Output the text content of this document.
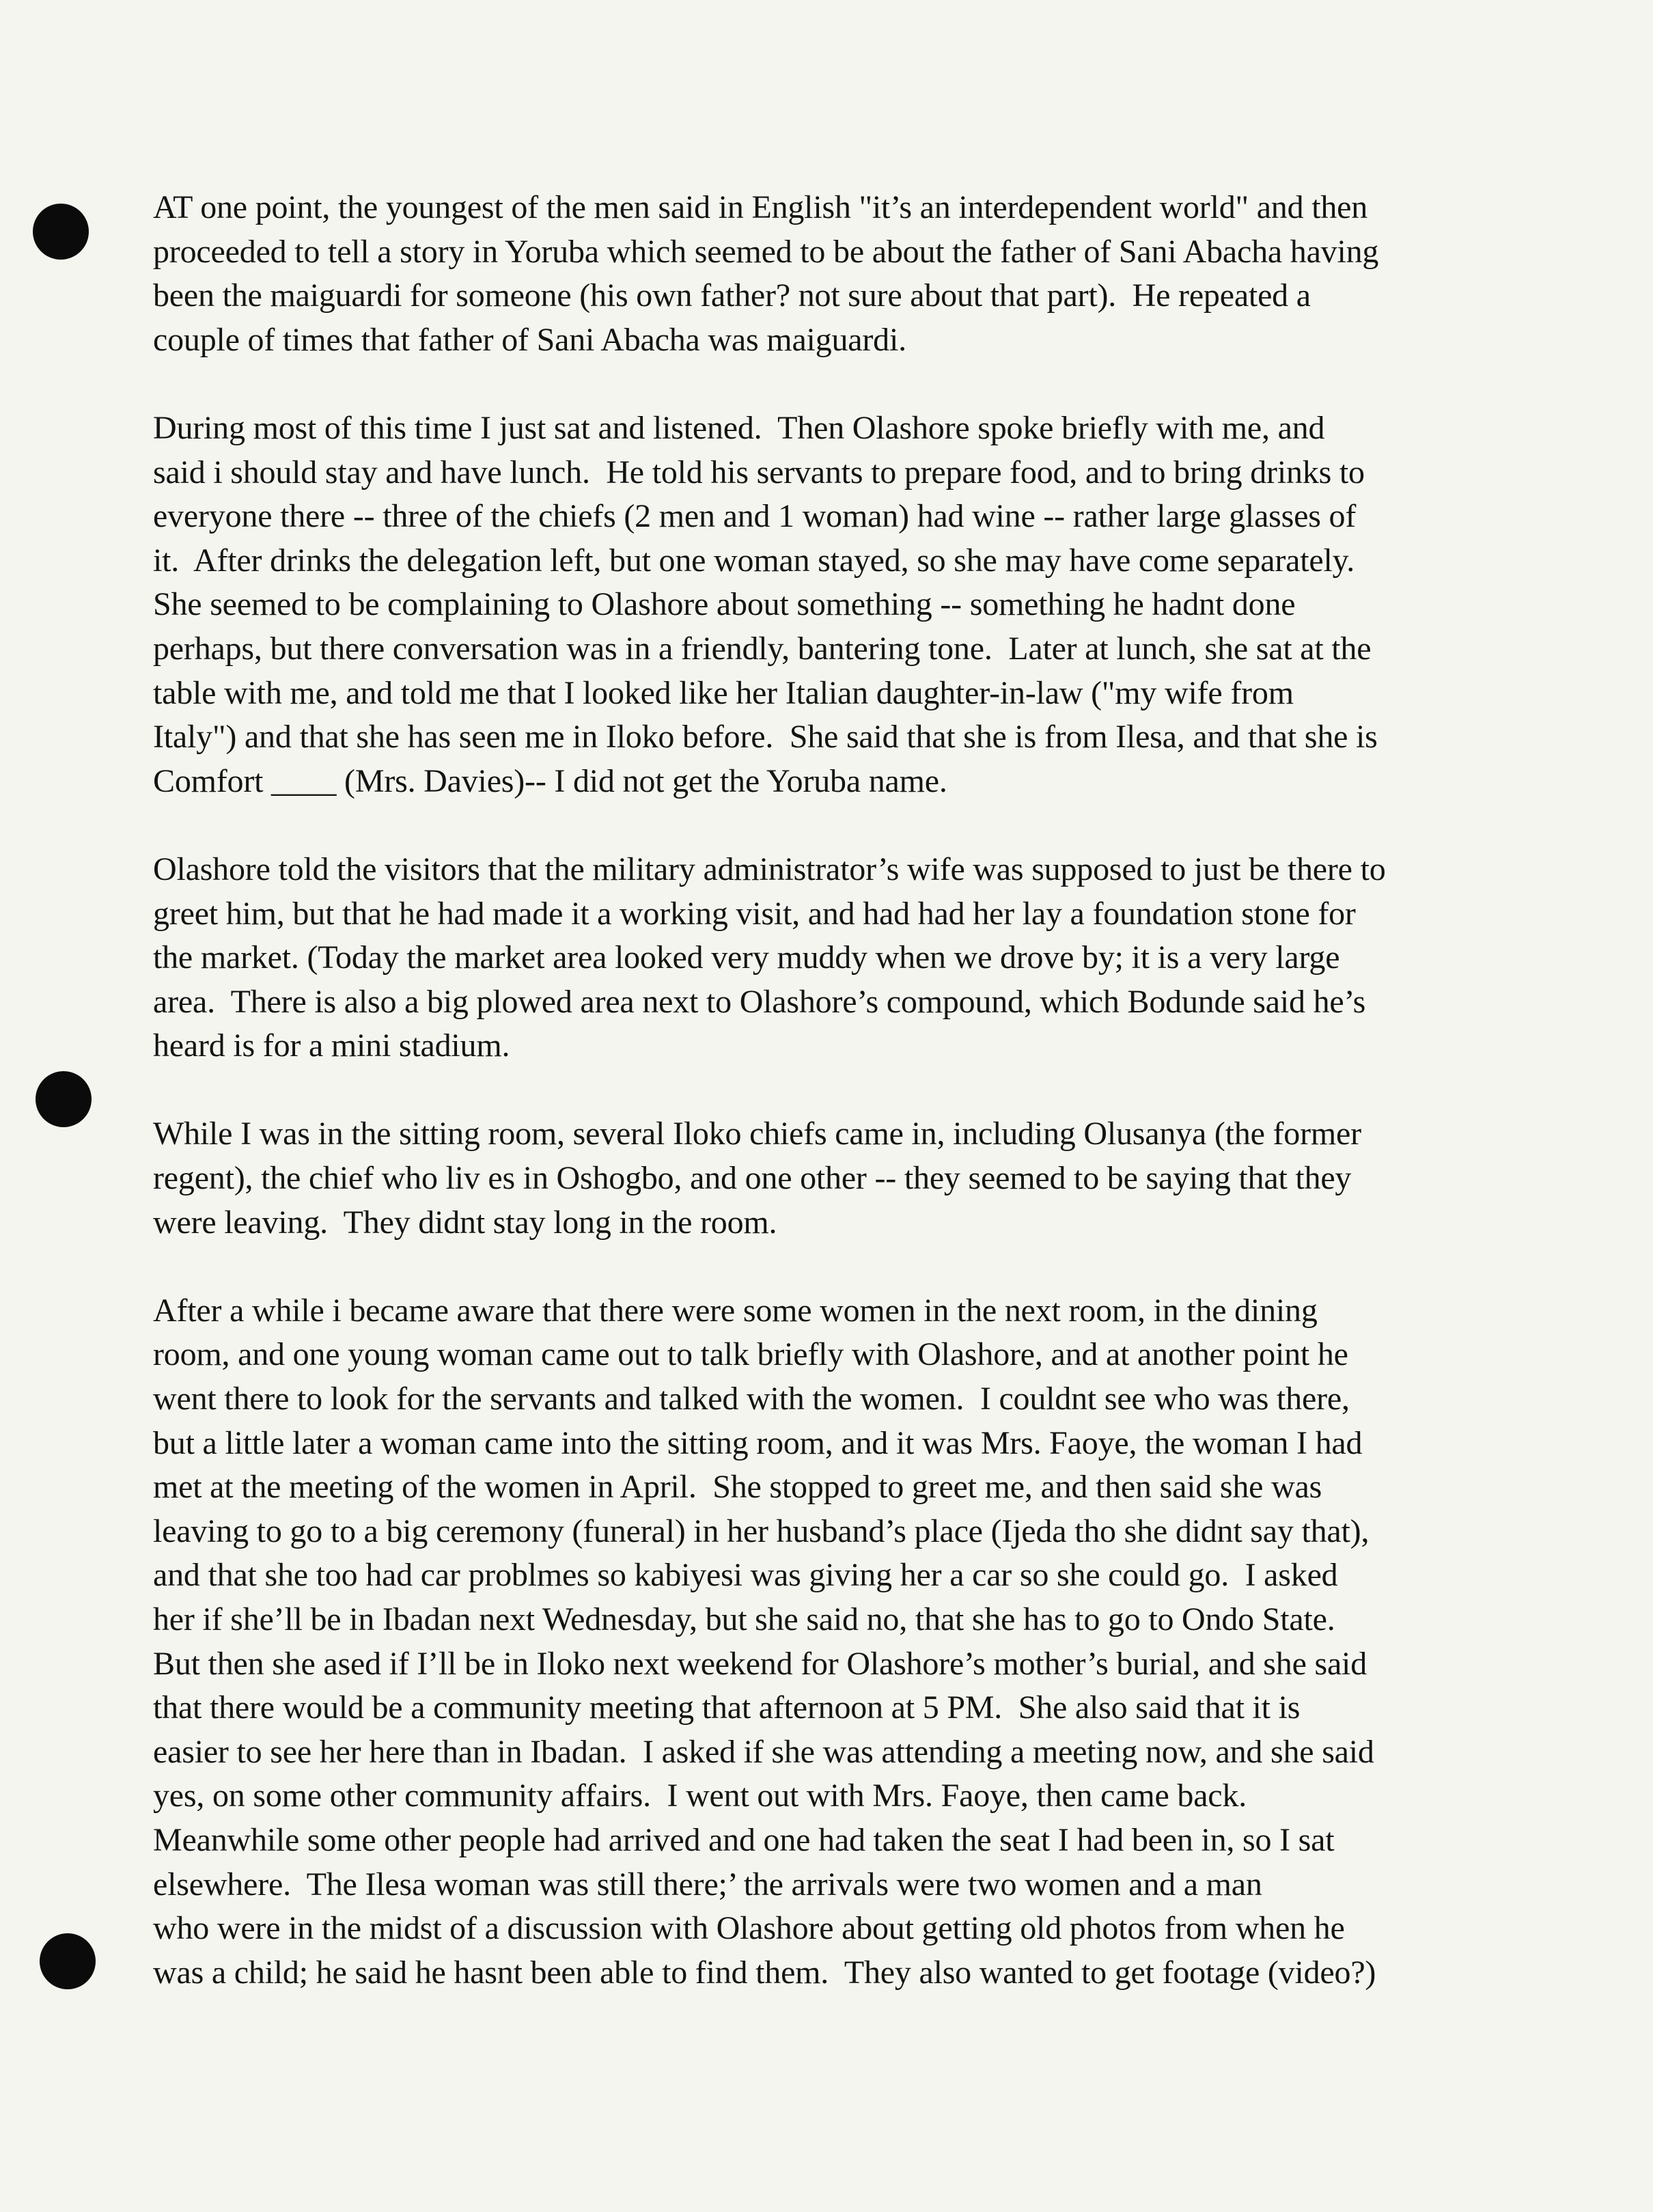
AT one point, the youngest of the men said in English "it’s an interdependent world" and then
proceeded to tell a story in Yoruba which seemed to be about the father of Sani Abacha having
been the maiguardi for someone (his own father? not sure about that part).  He repeated a
couple of times that father of Sani Abacha was maiguardi.

During most of this time I just sat and listened.  Then Olashore spoke briefly with me, and
said i should stay and have lunch.  He told his servants to prepare food, and to bring drinks to
everyone there -- three of the chiefs (2 men and 1 woman) had wine -- rather large glasses of
it.  After drinks the delegation left, but one woman stayed, so she may have come separately.
She seemed to be complaining to Olashore about something -- something he hadnt done
perhaps, but there conversation was in a friendly, bantering tone.  Later at lunch, she sat at the
table with me, and told me that I looked like her Italian daughter-in-law ("my wife from
Italy") and that she has seen me in Iloko before.  She said that she is from Ilesa, and that she is
Comfort ____ (Mrs. Davies)-- I did not get the Yoruba name.

Olashore told the visitors that the military administrator’s wife was supposed to just be there to
greet him, but that he had made it a working visit, and had had her lay a foundation stone for
the market. (Today the market area looked very muddy when we drove by; it is a very large
area.  There is also a big plowed area next to Olashore’s compound, which Bodunde said he’s
heard is for a mini stadium.

While I was in the sitting room, several Iloko chiefs came in, including Olusanya (the former
regent), the chief who liv es in Oshogbo, and one other -- they seemed to be saying that they
were leaving.  They didnt stay long in the room.

After a while i became aware that there were some women in the next room, in the dining
room, and one young woman came out to talk briefly with Olashore, and at another point he
went there to look for the servants and talked with the women.  I couldnt see who was there,
but a little later a woman came into the sitting room, and it was Mrs. Faoye, the woman I had
met at the meeting of the women in April.  She stopped to greet me, and then said she was
leaving to go to a big ceremony (funeral) in her husband’s place (Ijeda tho she didnt say that),
and that she too had car problmes so kabiyesi was giving her a car so she could go.  I asked
her if she’ll be in Ibadan next Wednesday, but she said no, that she has to go to Ondo State.
But then she ased if I’ll be in Iloko next weekend for Olashore’s mother’s burial, and she said
that there would be a community meeting that afternoon at 5 PM.  She also said that it is
easier to see her here than in Ibadan.  I asked if she was attending a meeting now, and she said
yes, on some other community affairs.  I went out with Mrs. Faoye, then came back.
Meanwhile some other people had arrived and one had taken the seat I had been in, so I sat
elsewhere.  The Ilesa woman was still there;’ the arrivals were two women and a man
who were in the midst of a discussion with Olashore about getting old photos from when he
was a child; he said he hasnt been able to find them.  They also wanted to get footage (video?)
